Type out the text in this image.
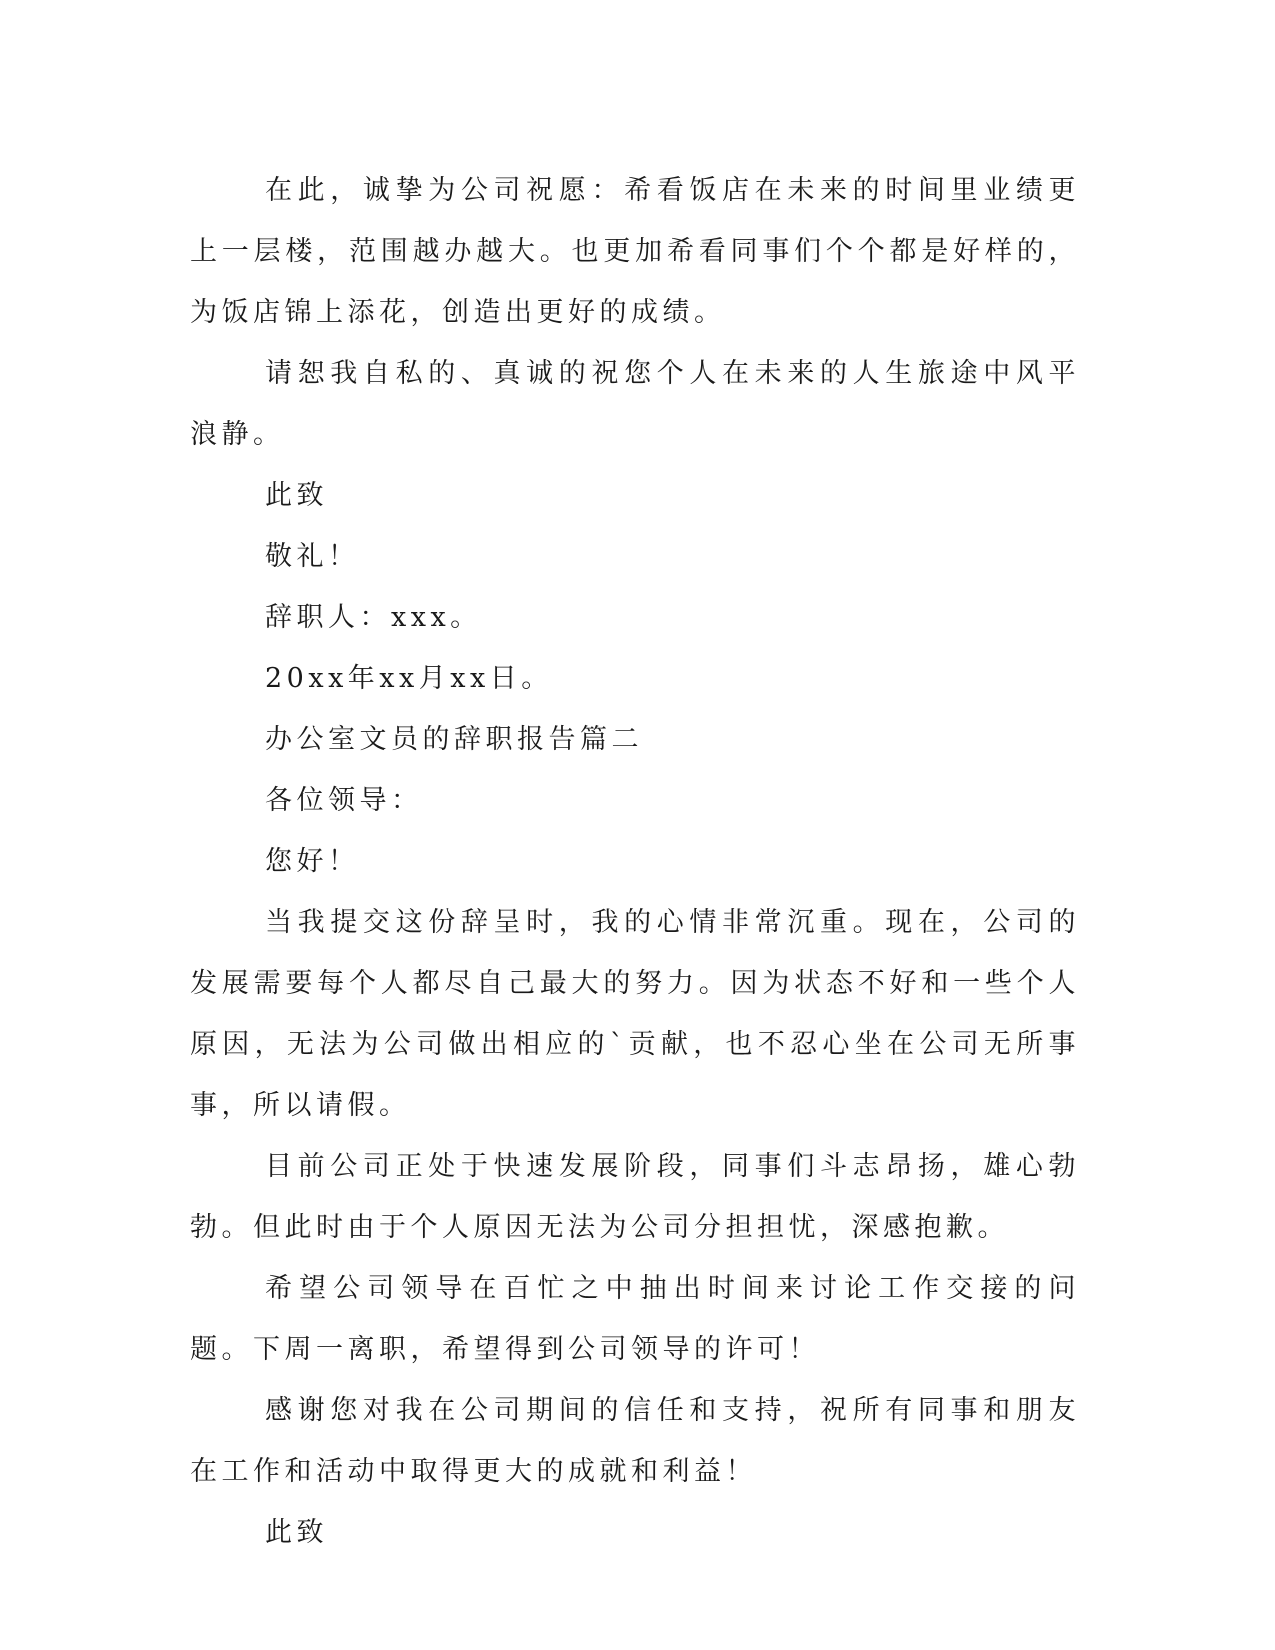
在此，诚挚为公司祝愿：希看饭店在未来的时间里业绩更上一层楼，范围越办越大。也更加希看同事们个个都是好样的，为饭店锦上添花，创造出更好的成绩。

请恕我自私的、真诚的祝您个人在未来的人生旅途中风平浪静。

此致

敬礼！

辞职人：xxx。

20xx年xx月xx日。

办公室文员的辞职报告篇二

各位领导：

您好！

当我提交这份辞呈时，我的心情非常沉重。现在，公司的发展需要每个人都尽自己最大的努力。因为状态不好和一些个人原因，无法为公司做出相应的`贡献，也不忍心坐在公司无所事事，所以请假。

目前公司正处于快速发展阶段，同事们斗志昂扬，雄心勃勃。但此时由于个人原因无法为公司分担担忧，深感抱歉。

希望公司领导在百忙之中抽出时间来讨论工作交接的问题。下周一离职，希望得到公司领导的许可！

感谢您对我在公司期间的信任和支持，祝所有同事和朋友在工作和活动中取得更大的成就和利益！

此致
